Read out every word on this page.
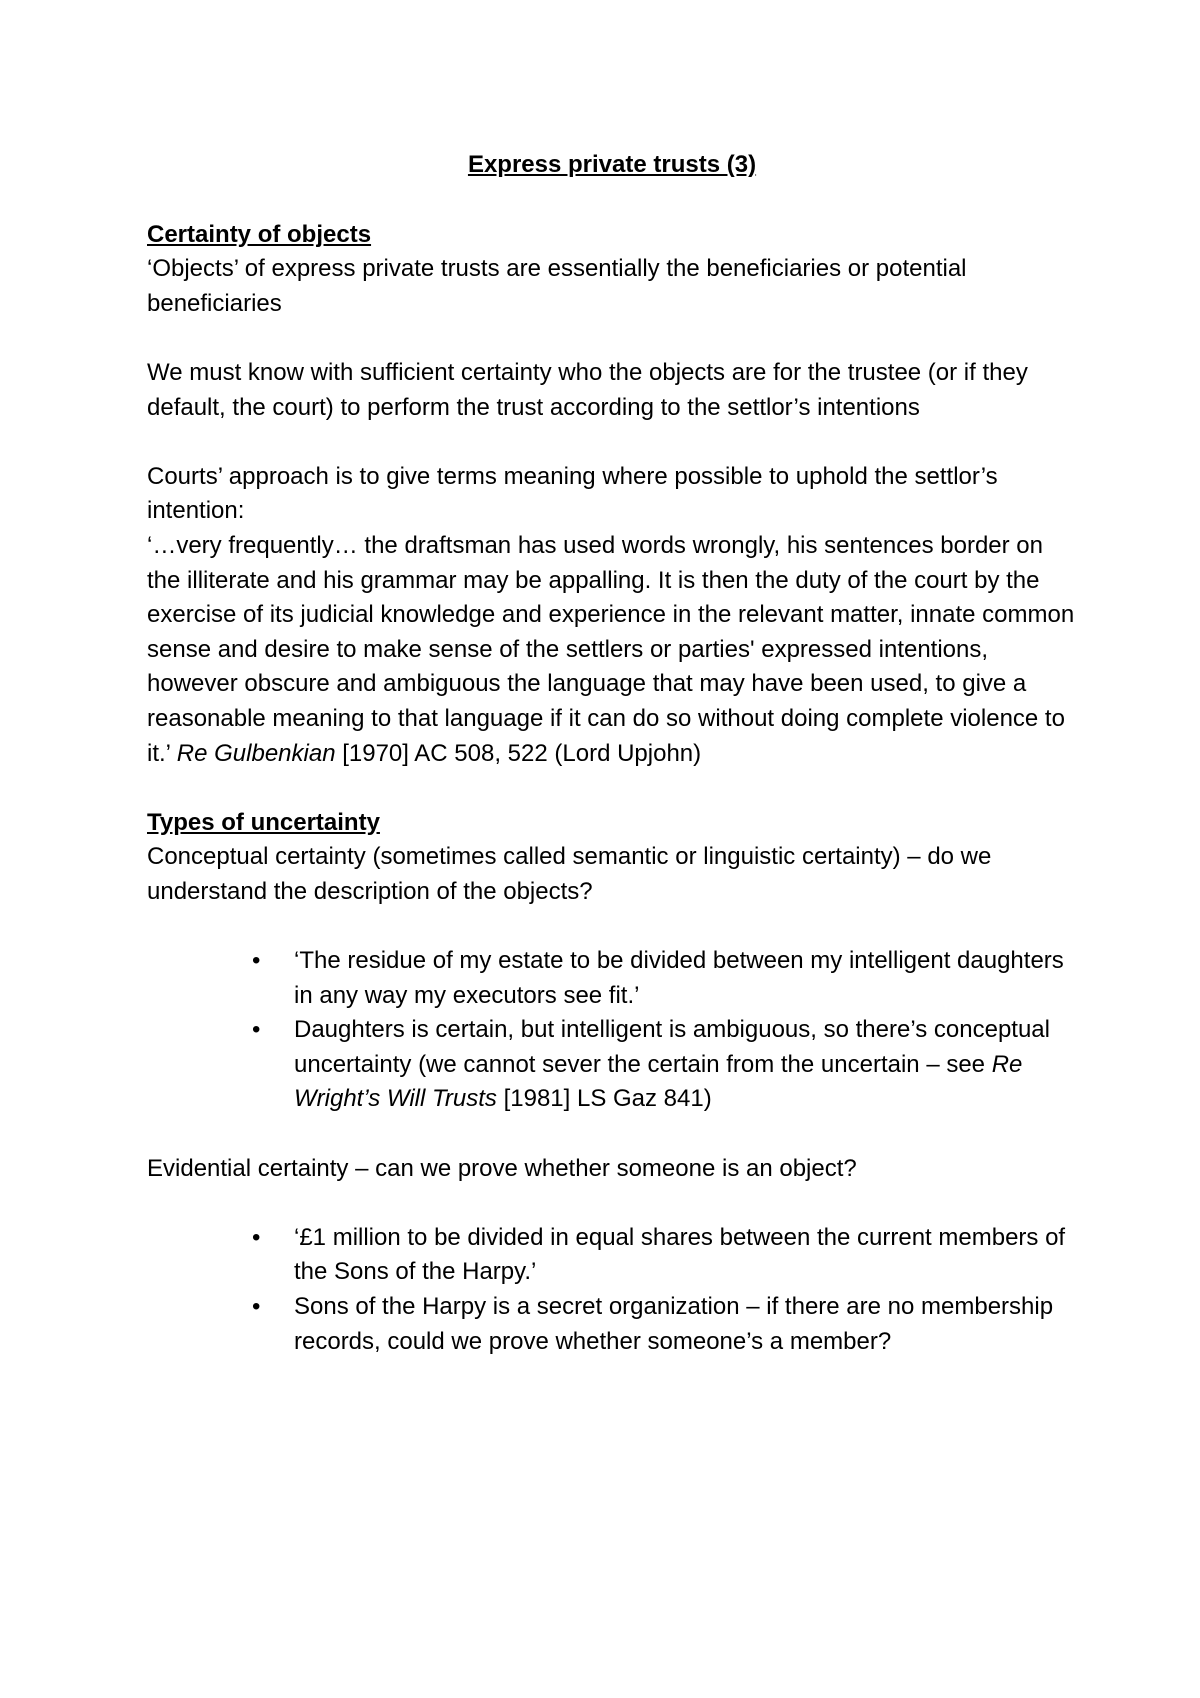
Express private trusts (3)

Certainty of objects

‘Objects’ of express private trusts are essentially the beneficiaries or potential beneficiaries

We must know with sufficient certainty who the objects are for the trustee (or if they default, the court) to perform the trust according to the settlor’s intentions

Courts’ approach is to give terms meaning where possible to uphold the settlor’s intention:

‘…very frequently… the draftsman has used words wrongly, his sentences border on the illiterate and his grammar may be appalling. It is then the duty of the court by the exercise of its judicial knowledge and experience in the relevant matter, innate common sense and desire to make sense of the settlers or parties' expressed intentions, however obscure and ambiguous the language that may have been used, to give a reasonable meaning to that language if it can do so without doing complete violence to it.’ Re Gulbenkian [1970] AC 508, 522 (Lord Upjohn)

Types of uncertainty

Conceptual certainty (sometimes called semantic or linguistic certainty) – do we understand the description of the objects?

• ‘The residue of my estate to be divided between my intelligent daughters in any way my executors see fit.’
• Daughters is certain, but intelligent is ambiguous, so there’s conceptual uncertainty (we cannot sever the certain from the uncertain – see Re Wright’s Will Trusts [1981] LS Gaz 841)

Evidential certainty – can we prove whether someone is an object?

• ‘£1 million to be divided in equal shares between the current members of the Sons of the Harpy.’
• Sons of the Harpy is a secret organization – if there are no membership records, could we prove whether someone’s a member?
